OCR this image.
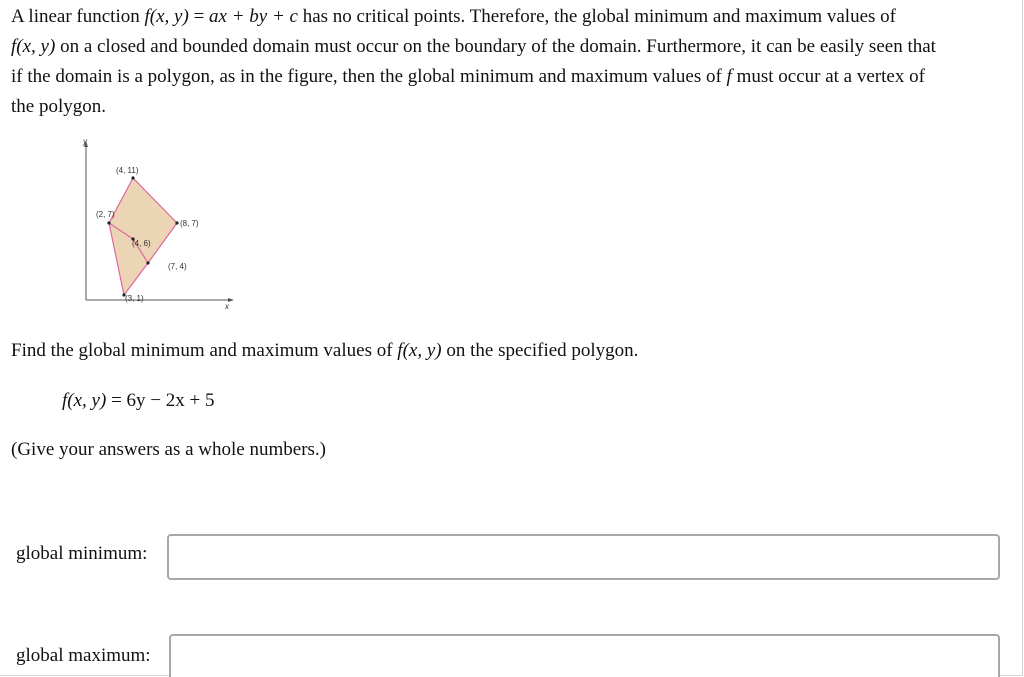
A linear function f(x, y) = ax + by + c has no critical points. Therefore, the global minimum and maximum values of
f(x, y) on a closed and bounded domain must occur on the boundary of the domain. Furthermore, it can be easily seen that
if the domain is a polygon, as in the figure, then the global minimum and maximum values of f must occur at a vertex of
the polygon.
y
x
(4, 11)
(2, 7)
(8, 7)
(4, 6)
(7, 4)
(3, 1)

Find the global minimum and maximum values of f(x, y) on the specified polygon.

f(x, y) = 6y − 2x + 5

(Give your answers as a whole numbers.)

global minimum:

global maximum:
